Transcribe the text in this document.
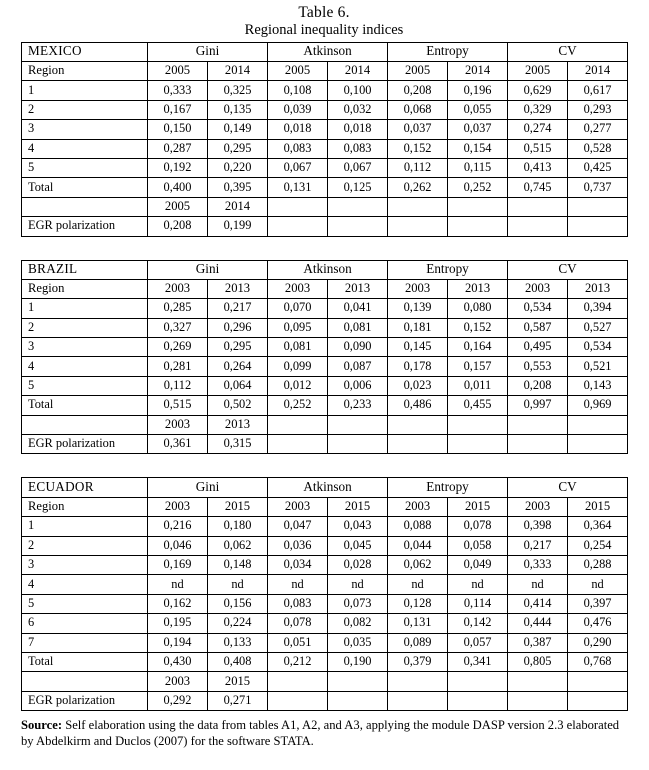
Table 6.
Regional inequality indices
MEXICO	Gini		Atkinson		Entropy		CV	
Region	2005	2014	2005	2014	2005	2014	2005	2014
1	0,333	0,325	0,108	0,100	0,208	0,196	0,629	0,617
2	0,167	0,135	0,039	0,032	0,068	0,055	0,329	0,293
3	0,150	0,149	0,018	0,018	0,037	0,037	0,274	0,277
4	0,287	0,295	0,083	0,083	0,152	0,154	0,515	0,528
5	0,192	0,220	0,067	0,067	0,112	0,115	0,413	0,425
Total	0,400	0,395	0,131	0,125	0,262	0,252	0,745	0,737
	2005	2014						
EGR polarization	0,208	0,199						
BRAZIL	Gini		Atkinson		Entropy		CV	
Region	2003	2013	2003	2013	2003	2013	2003	2013
1	0,285	0,217	0,070	0,041	0,139	0,080	0,534	0,394
2	0,327	0,296	0,095	0,081	0,181	0,152	0,587	0,527
3	0,269	0,295	0,081	0,090	0,145	0,164	0,495	0,534
4	0,281	0,264	0,099	0,087	0,178	0,157	0,553	0,521
5	0,112	0,064	0,012	0,006	0,023	0,011	0,208	0,143
Total	0,515	0,502	0,252	0,233	0,486	0,455	0,997	0,969
	2003	2013						
EGR polarization	0,361	0,315						
ECUADOR	Gini		Atkinson		Entropy		CV	
Region	2003	2015	2003	2015	2003	2015	2003	2015
1	0,216	0,180	0,047	0,043	0,088	0,078	0,398	0,364
2	0,046	0,062	0,036	0,045	0,044	0,058	0,217	0,254
3	0,169	0,148	0,034	0,028	0,062	0,049	0,333	0,288
4	nd	nd	nd	nd	nd	nd	nd	nd
5	0,162	0,156	0,083	0,073	0,128	0,114	0,414	0,397
6	0,195	0,224	0,078	0,082	0,131	0,142	0,444	0,476
7	0,194	0,133	0,051	0,035	0,089	0,057	0,387	0,290
Total	0,430	0,408	0,212	0,190	0,379	0,341	0,805	0,768
	2003	2015						
EGR polarization	0,292	0,271						
Source: Self elaboration using the data from tables A1, A2, and A3, applying the module DASP version 2.3 elaborated by Abdelkirm and Duclos (2007) for the software STATA.
